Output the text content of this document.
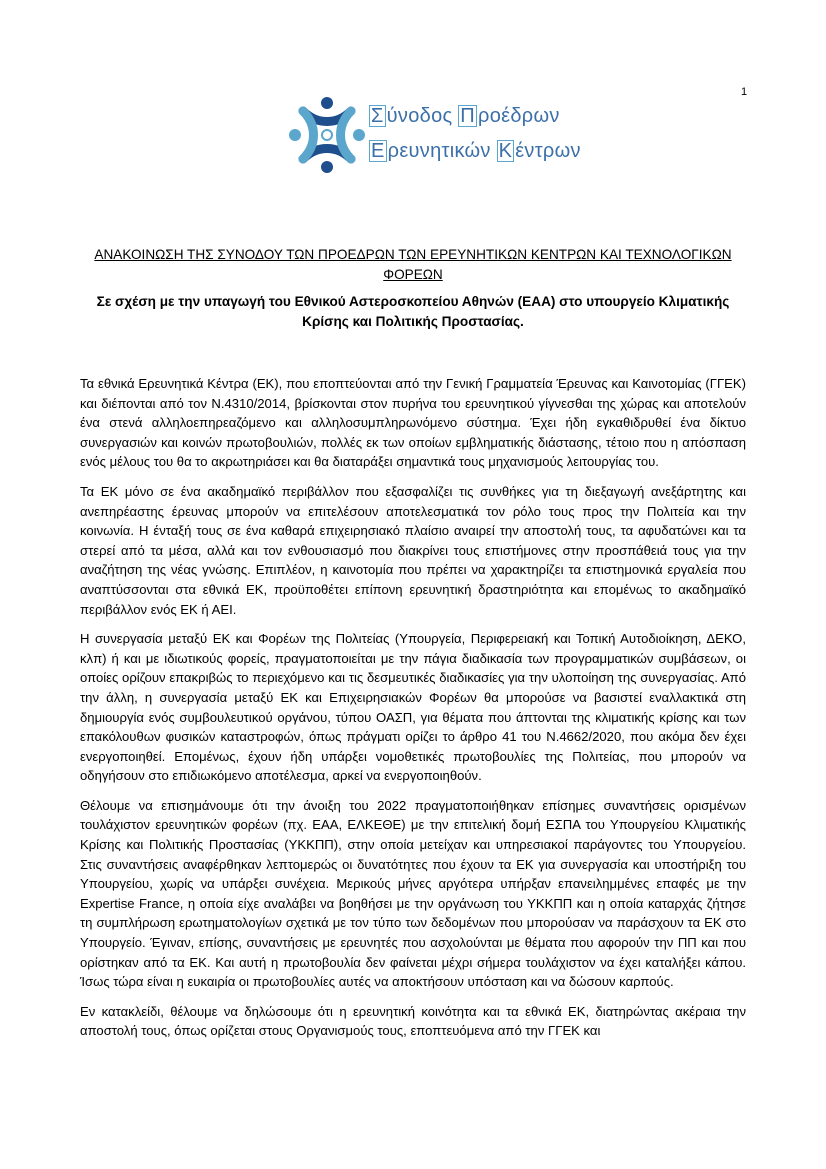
1
Σ ύνοδος Π ροέδρων
Ε ρευνητικών Κ έντρων
ΑΝΑΚΟΙΝΩΣΗ ΤΗΣ ΣΥΝΟΔΟΥ ΤΩΝ ΠΡΟΕΔΡΩΝ ΤΩΝ ΕΡΕΥΝΗΤΙΚΩΝ ΚΕΝΤΡΩΝ ΚΑΙ ΤΕΧΝΟΛΟΓΙΚΩΝ ΦΟΡΕΩΝ
Σε σχέση με την υπαγωγή του Εθνικού Αστεροσκοπείου Αθηνών (ΕΑΑ) στο υπουργείο Κλιματικής Κρίσης και Πολιτικής Προστασίας.

Τα εθνικά Ερευνητικά Κέντρα (ΕΚ), που εποπτεύονται από την Γενική Γραμματεία Έρευνας και Καινοτομίας (ΓΓΕΚ) και διέπονται από τον Ν.4310/2014, βρίσκονται στον πυρήνα του ερευνητικού γίγνεσθαι της χώρας και αποτελούν ένα στενά αλληλοεπηρεαζόμενο και αλληλοσυμπληρωνόμενο σύστημα. Έχει ήδη εγκαθιδρυθεί ένα δίκτυο συνεργασιών και κοινών πρωτοβουλιών, πολλές εκ των οποίων εμβληματικής διάστασης, τέτοιο που η απόσπαση ενός μέλους του θα το ακρωτηριάσει και θα διαταράξει σημαντικά τους μηχανισμούς λειτουργίας του.

Τα ΕΚ μόνο σε ένα ακαδημαϊκό περιβάλλον που εξασφαλίζει τις συνθήκες για τη διεξαγωγή ανεξάρτητης και ανεπηρέαστης έρευνας μπορούν να επιτελέσουν αποτελεσματικά τον ρόλο τους προς την Πολιτεία και την κοινωνία. Η ένταξή τους σε ένα καθαρά επιχειρησιακό πλαίσιο αναιρεί την αποστολή τους, τα αφυδατώνει και τα στερεί από τα μέσα, αλλά και τον ενθουσιασμό που διακρίνει τους επιστήμονες στην προσπάθειά τους για την αναζήτηση της νέας γνώσης. Επιπλέον, η καινοτομία που πρέπει να χαρακτηρίζει τα επιστημονικά εργαλεία που αναπτύσσονται στα εθνικά ΕΚ, προϋποθέτει επίπονη ερευνητική δραστηριότητα και επομένως το ακαδημαϊκό περιβάλλον ενός ΕΚ ή ΑΕΙ.

Η συνεργασία μεταξύ ΕΚ και Φορέων της Πολιτείας (Υπουργεία, Περιφερειακή και Τοπική Αυτοδιοίκηση, ΔΕΚΟ, κλπ) ή και με ιδιωτικούς φορείς, πραγματοποιείται με την πάγια διαδικασία των προγραμματικών συμβάσεων, οι οποίες ορίζουν επακριβώς το περιεχόμενο και τις δεσμευτικές διαδικασίες για την υλοποίηση της συνεργασίας. Από την άλλη, η συνεργασία μεταξύ ΕΚ και Επιχειρησιακών Φορέων θα μπορούσε να βασιστεί εναλλακτικά στη δημιουργία ενός συμβουλευτικού οργάνου, τύπου ΟΑΣΠ, για θέματα που άπτονται της κλιματικής κρίσης και των επακόλουθων φυσικών καταστροφών, όπως πράγματι ορίζει το άρθρο 41 του Ν.4662/2020, που ακόμα δεν έχει ενεργοποιηθεί. Επομένως, έχουν ήδη υπάρξει νομοθετικές πρωτοβουλίες της Πολιτείας, που μπορούν να οδηγήσουν στο επιδιωκόμενο αποτέλεσμα, αρκεί να ενεργοποιηθούν.

Θέλουμε να επισημάνουμε ότι την άνοιξη του 2022 πραγματοποιήθηκαν επίσημες συναντήσεις ορισμένων τουλάχιστον ερευνητικών φορέων (πχ. ΕΑΑ, ΕΛΚΕΘΕ) με την επιτελική δομή ΕΣΠΑ του Υπουργείου Κλιματικής Κρίσης και Πολιτικής Προστασίας (ΥΚΚΠΠ), στην οποία μετείχαν και υπηρεσιακοί παράγοντες του Υπουργείου. Στις συναντήσεις αναφέρθηκαν λεπτομερώς οι δυνατότητες που έχουν τα ΕΚ για συνεργασία και υποστήριξη του Υπουργείου, χωρίς να υπάρξει συνέχεια. Μερικούς μήνες αργότερα υπήρξαν επανειλημμένες επαφές με την Expertise France, η οποία είχε αναλάβει να βοηθήσει με την οργάνωση του ΥΚΚΠΠ και η οποία καταρχάς ζήτησε τη συμπλήρωση ερωτηματολογίων σχετικά με τον τύπο των δεδομένων που μπορούσαν να παράσχουν τα ΕΚ στο Υπουργείο. Έγιναν, επίσης, συναντήσεις με ερευνητές που ασχολούνται με θέματα που αφορούν την ΠΠ και που ορίστηκαν από τα ΕΚ. Και αυτή η πρωτοβουλία δεν φαίνεται μέχρι σήμερα τουλάχιστον να έχει καταλήξει κάπου. Ίσως τώρα είναι η ευκαιρία οι πρωτοβουλίες αυτές να αποκτήσουν υπόσταση και να δώσουν καρπούς.

Εν κατακλείδι, θέλουμε να δηλώσουμε ότι η ερευνητική κοινότητα και τα εθνικά ΕΚ, διατηρώντας ακέραια την αποστολή τους, όπως ορίζεται στους Οργανισμούς τους, εποπτευόμενα από την ΓΓΕΚ και
